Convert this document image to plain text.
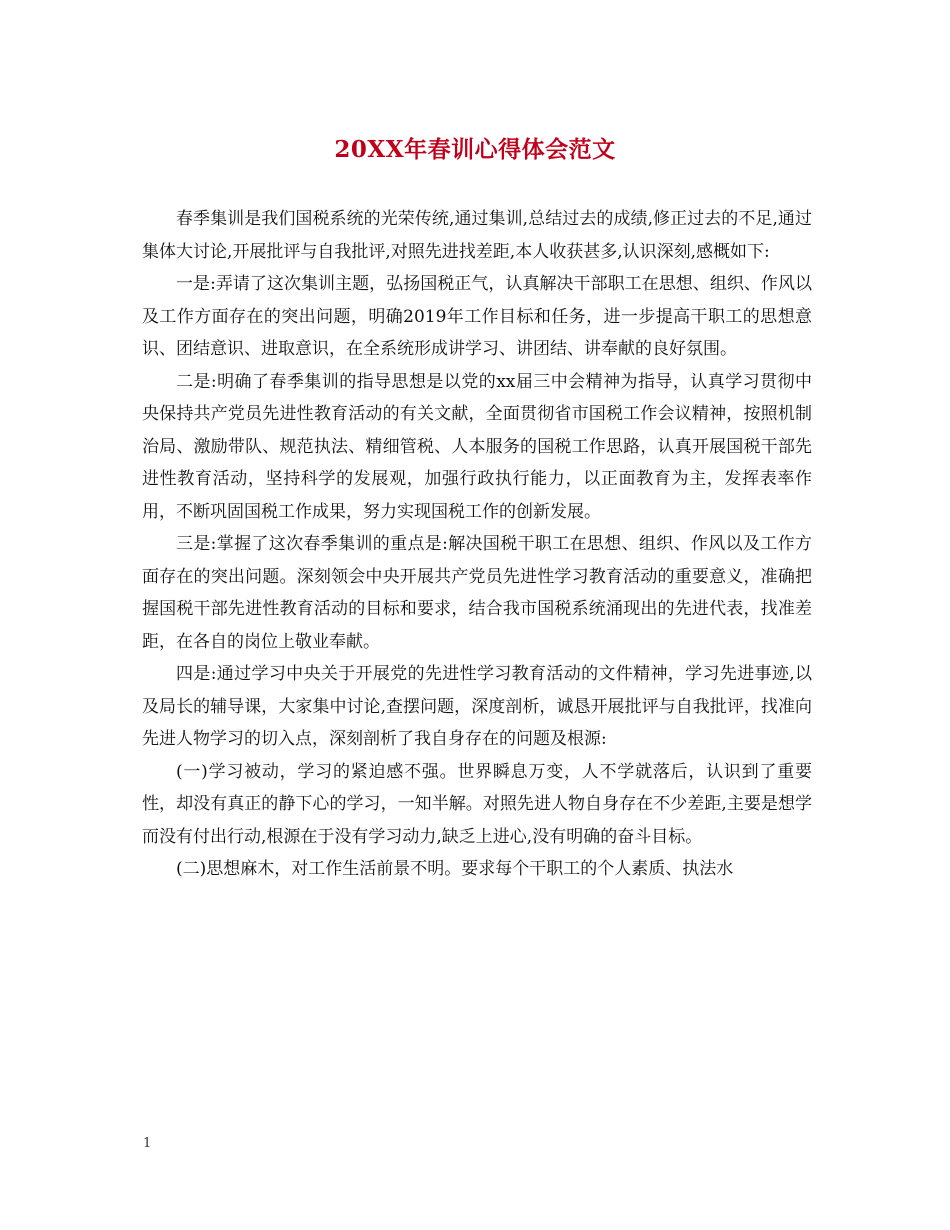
20XX年春训心得体会范文

春季集训是我们国税系统的光荣传统,通过集训,总结过去的成绩,修正过去的不足,通过集体大讨论,开展批评与自我批评,对照先进找差距,本人收获甚多,认识深刻,感概如下:

一是:弄请了这次集训主题，弘扬国税正气，认真解决干部职工在思想、组织、作风以及工作方面存在的突出问题，明确2019年工作目标和任务，进一步提高干职工的思想意识、团结意识、进取意识，在全系统形成讲学习、讲团结、讲奉献的良好氛围。

二是:明确了春季集训的指导思想是以党的xx届三中会精神为指导，认真学习贯彻中央保持共产党员先进性教育活动的有关文献，全面贯彻省市国税工作会议精神，按照机制治局、激励带队、规范执法、精细管税、人本服务的国税工作思路，认真开展国税干部先进性教育活动，坚持科学的发展观，加强行政执行能力，以正面教育为主，发挥表率作用，不断巩固国税工作成果，努力实现国税工作的创新发展。

三是:掌握了这次春季集训的重点是:解决国税干职工在思想、组织、作风以及工作方面存在的突出问题。深刻领会中央开展共产党员先进性学习教育活动的重要意义，准确把握国税干部先进性教育活动的目标和要求，结合我市国税系统涌现出的先进代表，找准差距，在各自的岗位上敬业奉献。

四是:通过学习中央关于开展党的先进性学习教育活动的文件精神，学习先进事迹,以及局长的辅导课，大家集中讨论,查摆问题，深度剖析，诚恳开展批评与自我批评，找准向先进人物学习的切入点，深刻剖析了我自身存在的问题及根源:

(一)学习被动，学习的紧迫感不强。世界瞬息万变，人不学就落后，认识到了重要性，却没有真正的静下心的学习，一知半解。对照先进人物自身存在不少差距,主要是想学而没有付出行动,根源在于没有学习动力,缺乏上进心,没有明确的奋斗目标。

(二)思想麻木，对工作生活前景不明。要求每个干职工的个人素质、执法水

1
